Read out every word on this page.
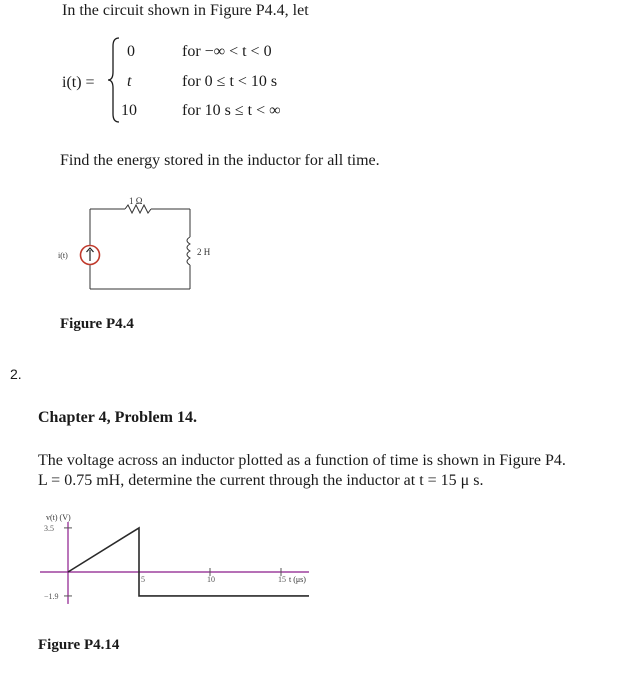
In the circuit shown in Figure P4.4, let
i(t) =
0	for −∞ < t < 0
t	for 0 ≤ t < 10 s
10	for 10 s ≤ t < ∞
Find the energy stored in the inductor for all time.
1 Ω
i(t)	2 H
Figure P4.4
2.
Chapter 4, Problem 14.
The voltage across an inductor plotted as a function of time is shown in Figure P4.
L = 0.75 mH, determine the current through the inductor at t = 15 μ s.
v(t) (V)
3.5
−1.9
5	10	15 t (μs)
Figure P4.14
